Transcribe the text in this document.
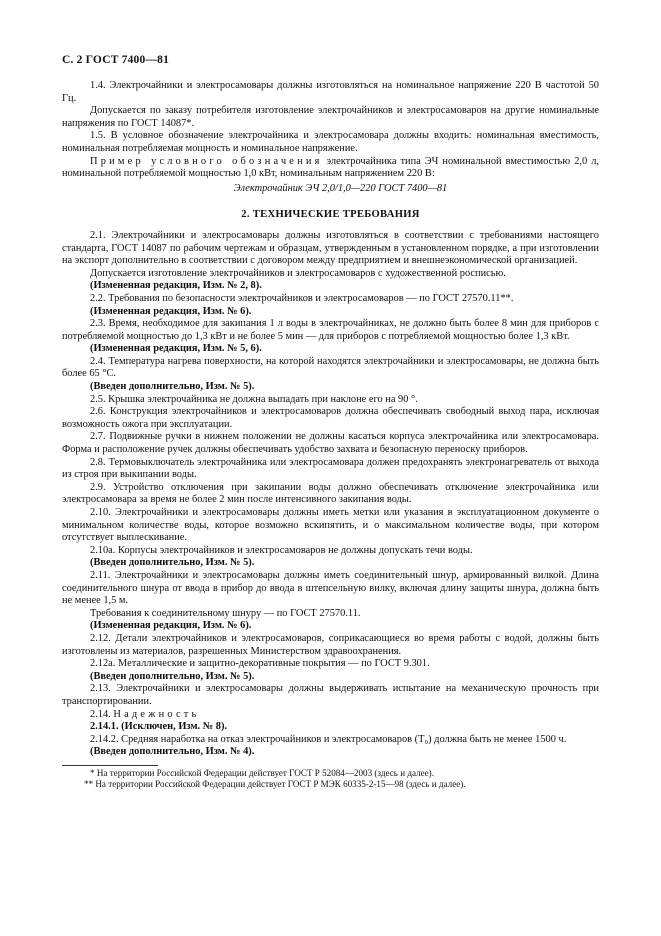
С. 2 ГОСТ 7400—81

1.4. Электрочайники и электросамовары должны изготовляться на номинальное напряжение 220 В частотой 50 Гц.

Допускается по заказу потребителя изготовление электрочайников и электросамоваров на другие номинальные напряжения по ГОСТ 14087*.

1.5. В условное обозначение электрочайника и электросамовара должны входить: номинальная вместимость, номинальная потребляемая мощность и номинальное напряжение.

Пример условного обозначения электрочайника типа ЭЧ номинальной вместимостью 2,0 л, номинальной потребляемой мощностью 1,0 кВт, номинальным напряжением 220 В:

Электрочайник ЭЧ 2,0/1,0—220 ГОСТ 7400—81

2. ТЕХНИЧЕСКИЕ ТРЕБОВАНИЯ

2.1. Электрочайники и электросамовары должны изготовляться в соответствии с требованиями настоящего стандарта, ГОСТ 14087 по рабочим чертежам и образцам, утвержденным в установленном порядке, а при изготовлении на экспорт дополнительно в соответствии с договором между предприятием и внешнеэкономической организацией.

Допускается изготовление электрочайников и электросамоваров с художественной росписью.

(Измененная редакция, Изм. № 2, 8).

2.2. Требования по безопасности электрочайников и электросамоваров — по ГОСТ 27570.11**.

(Измененная редакция, Изм. № 6).

2.3. Время, необходимое для закипания 1 л воды в электрочайниках, не должно быть более 8 мин для приборов с потребляемой мощностью до 1,3 кВт и не более 5 мин — для приборов с потребляемой мощностью более 1,3 кВт.

(Измененная редакция, Изм. № 5, 6).

2.4. Температура нагрева поверхности, на которой находятся электрочайники и электросамовары, не должна быть более 65 °С.

(Введен дополнительно, Изм. № 5).

2.5. Крышка электрочайника не должна выпадать при наклоне его на 90 °.

2.6. Конструкция электрочайников и электросамоваров должна обеспечивать свободный выход пара, исключая возможность ожога при эксплуатации.

2.7. Подвижные ручки в нижнем положении не должны касаться корпуса электрочайника или электросамовара. Форма и расположение ручек должны обеспечивать удобство захвата и безопасную переноску приборов.

2.8. Термовыключатель электрочайника или электросамовара должен предохранять электронагреватель от выхода из строя при выкипании воды.

2.9. Устройство отключения при закипании воды должно обеспечивать отключение электрочайника или электросамовара за время не более 2 мин после интенсивного закипания воды.

2.10. Электрочайники и электросамовары должны иметь метки или указания в эксплуатационном документе о минимальном количестве воды, которое возможно вскипятить, и о максимальном количестве воды, при котором отсутствует выплескивание.

2.10а. Корпусы электрочайников и электросамоваров не должны допускать течи воды.

(Введен дополнительно, Изм. № 5).

2.11. Электрочайники и электросамовары должны иметь соединительный шнур, армированный вилкой. Длина соединительного шнура от ввода в прибор до ввода в штепсельную вилку, включая длину защиты шнура, должна быть не менее 1,5 м.

Требования к соединительному шнуру — по ГОСТ 27570.11.

(Измененная редакция, Изм. № 6).

2.12. Детали электрочайников и электросамоваров, соприкасающиеся во время работы с водой, должны быть изготовлены из материалов, разрешенных Министерством здравоохранения.

2.12а. Металлические и защитно-декоративные покрытия — по ГОСТ 9.301.

(Введен дополнительно, Изм. № 5).

2.13. Электрочайники и электросамовары должны выдерживать испытание на механическую прочность при транспортировании.

2.14. Надежность

2.14.1. (Исключен, Изм. № 8).

2.14.2. Средняя наработка на отказ электрочайников и электросамоваров (Т₀) должна быть не менее 1500 ч.

(Введен дополнительно, Изм. № 4).

* На территории Российской Федерации действует ГОСТ Р 52084—2003 (здесь и далее).

** На территории Российской Федерации действует ГОСТ Р МЭК 60335-2-15—98 (здесь и далее).
